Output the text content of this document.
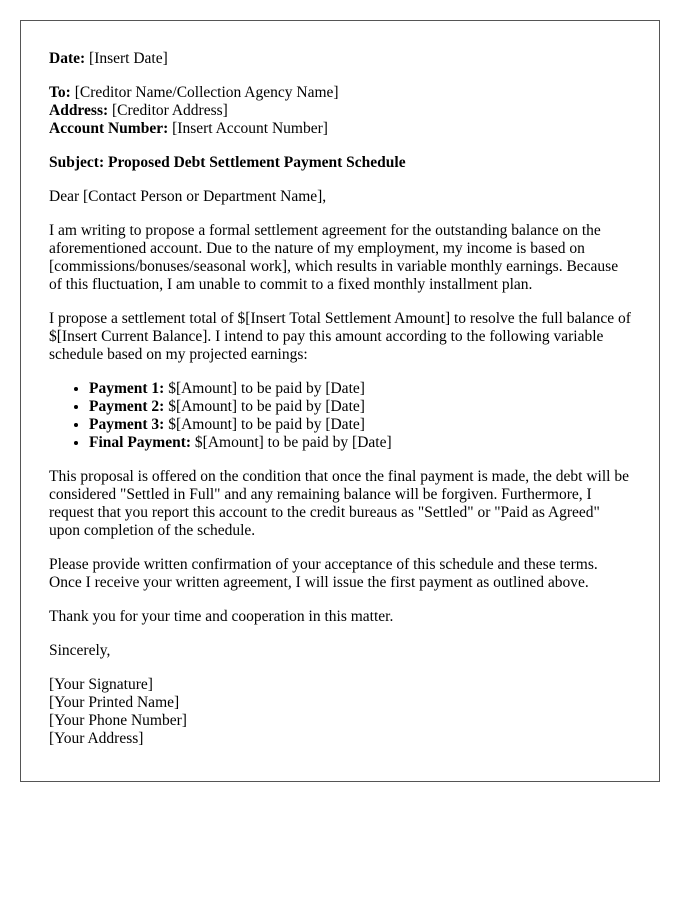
Date: [Insert Date]

To: [Creditor Name/Collection Agency Name]
Address: [Creditor Address]
Account Number: [Insert Account Number]

Subject: Proposed Debt Settlement Payment Schedule

Dear [Contact Person or Department Name],

I am writing to propose a formal settlement agreement for the outstanding balance on the aforementioned account. Due to the nature of my employment, my income is based on [commissions/bonuses/seasonal work], which results in variable monthly earnings. Because of this fluctuation, I am unable to commit to a fixed monthly installment plan.

I propose a settlement total of $[Insert Total Settlement Amount] to resolve the full balance of $[Insert Current Balance]. I intend to pay this amount according to the following variable schedule based on my projected earnings:

• Payment 1: $[Amount] to be paid by [Date]
• Payment 2: $[Amount] to be paid by [Date]
• Payment 3: $[Amount] to be paid by [Date]
• Final Payment: $[Amount] to be paid by [Date]

This proposal is offered on the condition that once the final payment is made, the debt will be considered "Settled in Full" and any remaining balance will be forgiven. Furthermore, I request that you report this account to the credit bureaus as "Settled" or "Paid as Agreed" upon completion of the schedule.

Please provide written confirmation of your acceptance of this schedule and these terms. Once I receive your written agreement, I will issue the first payment as outlined above.

Thank you for your time and cooperation in this matter.

Sincerely,

[Your Signature]
[Your Printed Name]
[Your Phone Number]
[Your Address]
